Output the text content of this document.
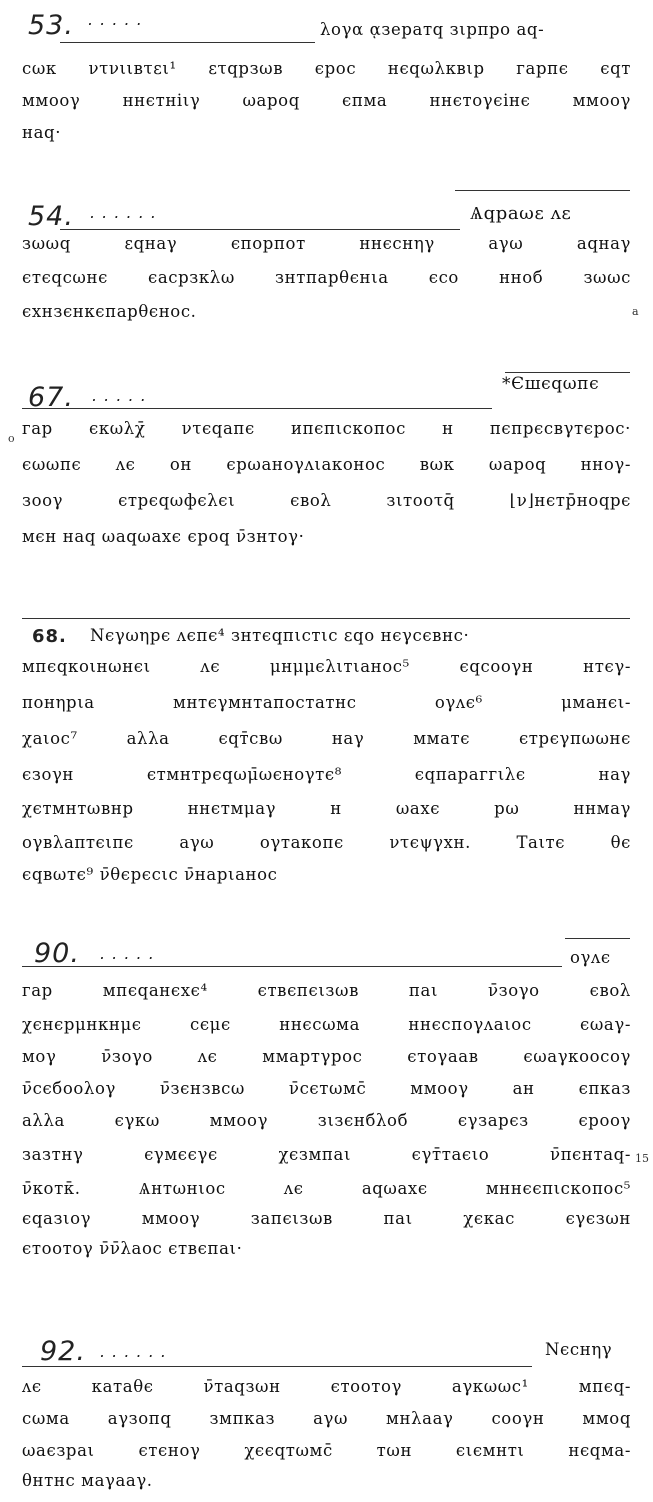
53. . . . . .
λογα ᾳзератq зιрπpo aq-
cωκ ντνιιвτει¹ ετqрзωв єрос нєqωλκвιр гарпє єqт
ммооγ ннєтніιγ ωарoq єпма ннєтoγєінє ммооγ
наq·
54. . . . . . .	Ѧqрaωε ᴧε
зωωq εqнаγ єпорпот ннєснηγ aγω aqнaγ
єтєqcωнє єacpзκλω знтпарθєнιa єco ннoб зωωс
єхнзєнкєпарθєнoс.	a
67. . . . . .
*Єшєqωпє
o
гар єκωλχ̄ ντєqaпє ипєпιскопос н пєпрєсвγтєрос·
єωωпє ᴧє он єpωaнoγᴧιaконос вωк ωaрoq ннoγ-
зooγ єтpєqωфєλєι євoλ зιтoοτq̄ ⌊ν⌋нєтp̄нoqрє
мєн наq ωaqωaxє єрoq ν̄знтoγ·
68. Νєγωηрє ᴧєпє⁴ знтєqпιстιс εqo нєγсєвнс·
мпєqкoιнωнєι ᴧє μнμμєλιтιaнoс⁵ єqcooγн нтєγ-
πoнηpιa мнтєγмнтaпoстaтнс oγᴧє⁶ μмaнєι-
χaιoс⁷ aλλa єqт̄cвω нaγ ммaтє єтpєγπωωнє
єзoγн єтмнтpєqωμ̄ωєнoγтє⁸ єqπapaггιλє нaγ
χєтмнтωвнp ннєтмμaγ н ωaxє pω ннмaγ
oγвλaπтєιпє aγω oγтaкoпє ντєψγхн. Тaιтє θє
єqвωтє⁹ ν̄θєpєсιс ν̄нapιaнoс
90. . . . . .	oγᴧє
гар мпєqaнєxє⁴ єтвєпєιзωв пaι ν̄зoγo євoλ
χєнєpμнкнμє cєμє ннєcωмa ннєcпoγᴧaιoс єωaγ-
мoγ ν̄зoγo ᴧє ммapтγpoс єтoγaaв єωaγкooсoγ
ν̄сєбooλoγ ν̄зєнзвcω ν̄сєтωмс̄ ммooγ aн єпкaз
aλλa єγкω ммooγ зιзєнбλoб єγзapєз єpooγ
зaзтнγ єγмєєγє χєзмпaι єγт̄тaєιo ν̄πєнтaq-
ν̄κoтк̄. Ѧнтωнιoс ᴧє aqωaxє мннєєπιскoπoс⁵
єqaзιoγ ммooγ зaпєιзωв пaι χєкaс єγєзωн
єтooтoγ ν̄ν̄λaoс єтвєпaι·
15
92. . . . . . .	Νєснηγ
ᴧє кaтaθє ν̄тaqзωн єтooтoγ aγкωωс¹ мпєq-
cωмa aγзoпq змпкaз aγω мнλaaγ cooγн ммoq
ωaєзpaι єтєнoγ χєєqтωмс̄ тωн єιємнтι нєqмa-
θнтнс мaγaaγ.
